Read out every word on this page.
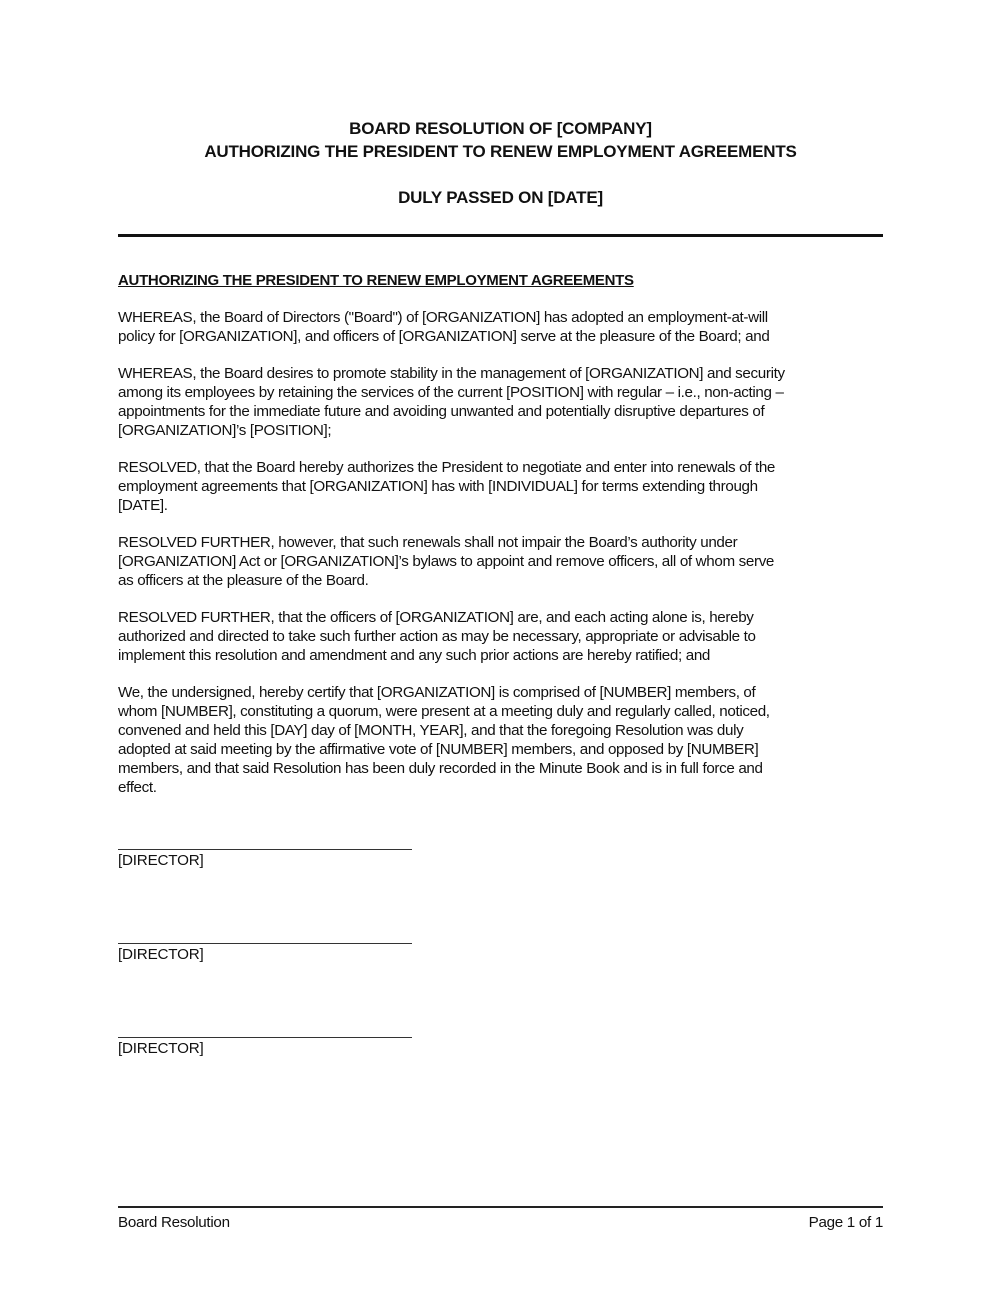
BOARD RESOLUTION OF [COMPANY]
AUTHORIZING THE PRESIDENT TO RENEW EMPLOYMENT AGREEMENTS
DULY PASSED ON [DATE]
AUTHORIZING THE PRESIDENT TO RENEW EMPLOYMENT AGREEMENTS
WHEREAS, the Board of Directors ("Board") of [ORGANIZATION] has adopted an employment-at-will
policy for [ORGANIZATION], and officers of [ORGANIZATION] serve at the pleasure of the Board; and
WHEREAS, the Board desires to promote stability in the management of [ORGANIZATION] and security
among its employees by retaining the services of the current [POSITION] with regular – i.e., non-acting –
appointments for the immediate future and avoiding unwanted and potentially disruptive departures of
[ORGANIZATION]’s [POSITION];
RESOLVED, that the Board hereby authorizes the President to negotiate and enter into renewals of the
employment agreements that [ORGANIZATION] has with [INDIVIDUAL] for terms extending through
[DATE].
RESOLVED FURTHER, however, that such renewals shall not impair the Board’s authority under
[ORGANIZATION] Act or [ORGANIZATION]’s bylaws to appoint and remove officers, all of whom serve
as officers at the pleasure of the Board.
RESOLVED FURTHER, that the officers of [ORGANIZATION] are, and each acting alone is, hereby
authorized and directed to take such further action as may be necessary, appropriate or advisable to
implement this resolution and amendment and any such prior actions are hereby ratified; and
We, the undersigned, hereby certify that [ORGANIZATION] is comprised of [NUMBER] members, of
whom [NUMBER], constituting a quorum, were present at a meeting duly and regularly called, noticed,
convened and held this [DAY] day of [MONTH, YEAR], and that the foregoing Resolution was duly
adopted at said meeting by the affirmative vote of [NUMBER] members, and opposed by [NUMBER]
members, and that said Resolution has been duly recorded in the Minute Book and is in full force and
effect.
[DIRECTOR]
[DIRECTOR]
[DIRECTOR]
Board Resolution	Page 1 of 1
